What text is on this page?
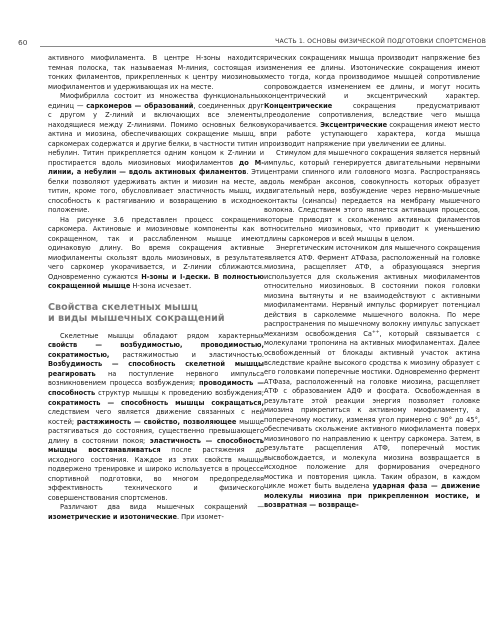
60	ЧАСТЬ 1. ОСНОВЫ ФИЗИЧЕСКОЙ ПОДГОТОВКИ СПОРТСМЕНОВ

активного миофиламента. В центре Н-зоны находится темная полоска, так называемая М-линия, состоящая из тонких филаментов, прикрепленных к центру миозиновых миофиламентов и удерживающая их на месте.

Миофибрилла состоит из множества функциональных единиц — саркомеров — образований, соединенных друг с другом у Z-линий и включающих все элементы, находящиеся между Z-линиями. Помимо основных белков актина и миозина, обеспечивающих сокращение мышц, в саркомерах содержатся и другие белки, в частности титин и небулин. Титин прикрепляется одним концом к Z-линии и простирается вдоль миозиновых миофиламентов до М-линии, а небулин — вдоль актиновых филаментов. Эти белки позволяют удерживать актин и миозин на месте, а титин, кроме того, обусловливает эластичность мышц, их способность к растягиванию и возвращению в исходное положение.

На рисунке 3.6 представлен процесс сокращения саркомера. Актиновые и миозиновые компоненты как в сокращенном, так и расслабленном мышце имеют одинаковую длину. Во время сокращения активные миофиламенты скользят вдоль миозиновых, в результате чего саркомер укорачивается, и Z-линии сближаются. Одновременно сужаются Н-зоны и I-дески. В полностью сокращенной мышце Н-зона исчезает.

Свойства скелетных мышц
и виды мышечных сокращений

Скелетные мышцы обладают рядом характерных свойств — возбудимостью, проводимостью, сократимостью, растяжимостью и эластичностью. Возбудимость — способность скелетной мышцы реагировать на поступление нервного импульса возникновением процесса возбуждения; проводимость — способность структур мышцы к проведению возбуждения; сократимость — способность мышцы сокращаться, следствием чего является движение связанных с ней костей; растяжимость — свойство, позволяющее мышце растягиваться до состояния, существенно превышающего длину в состоянии покоя; эластичность — способность мышцы восстанавливаться после растяжения до исходного состояния. Каждое из этих свойств мышцы подвержено тренировке и широко используется в процессе спортивной подготовки, во многом предопределяя эффективность технического и физического совершенствования спортсменов.

Различают два вида мышечных сокращений — изометрические и изотонические. При изомет-

рических сокращениях мышца производит напряжение без изменения ее длины. Изотонические сокращения имеют место тогда, когда производимое мышцей сопротивление сопровождается изменением ее длины, и могут носить концентрический и эксцентрический характер. Концентрические сокращения предусматривают преодоление сопротивления, вследствие чего мышца укорачивается. Эксцентрические сокращения имеют место при работе уступающего характера, когда мышца производит напряжение при увеличении ее длины.

Стимулом для мышечного сокращения является нервный импульс, который генерируется двигательными нервными центрами спинного или головного мозга. Распространяясь вдоль мембран аксонов, совокупность которых образует двигательный нерв, возбуждение через нервно-мышечные контакты (синапсы) передается на мембрану мышечного волокна. Следствием этого является активация процессов, которые приводят к скольжению активных филаментов относительно миозиновых, что приводит к уменьшению длины саркомеров и всей мышцы в целом.

Энергетическим источником для мышечного сокращения является АТФ. Фермент АТФаза, расположенный на головке миозина, расщепляет АТФ, а образующаяся энергия используется для скольжения активных миофиламентов относительно миозиновых. В состоянии покоя головки миозина вытянуты и не взаимодействуют с активными миофиламентами. Нервный импульс формирует потенциал действия в сарколемме мышечного волокна. По мере распространения по мышечному волокну импульс запускает механизм освобождения Са++, который связывается с молекулами тропонина на активных миофиламентах. Далее освобожденный от блокады активный участок актина вследствие крайне высокого сродства к миозину образует с его головками поперечные мостики. Одновременно фермент АТФаза, расположенный на головке миозина, расщепляет АТФ с образованием АДФ и фосфата. Освобожденная в результате этой реакции энергия позволяет головке миозина прикрепиться к активному миофиламенту, а поперечному мостику, изменяя угол примерно с 90° до 45°, обеспечивать скольжение активного миофиламента поверх миозинового по направлению к центру саркомера. Затем, в результате расщепления АТФ, поперечный мостик высвобождается, и молекула миозина возвращается в исходное положение для формирования очередного мостика и повторения цикла. Таким образом, в каждом цикле может быть выделена ударная фаза — движение молекулы миозина при прикрепленном мостике, и возвратная — возвраще-
